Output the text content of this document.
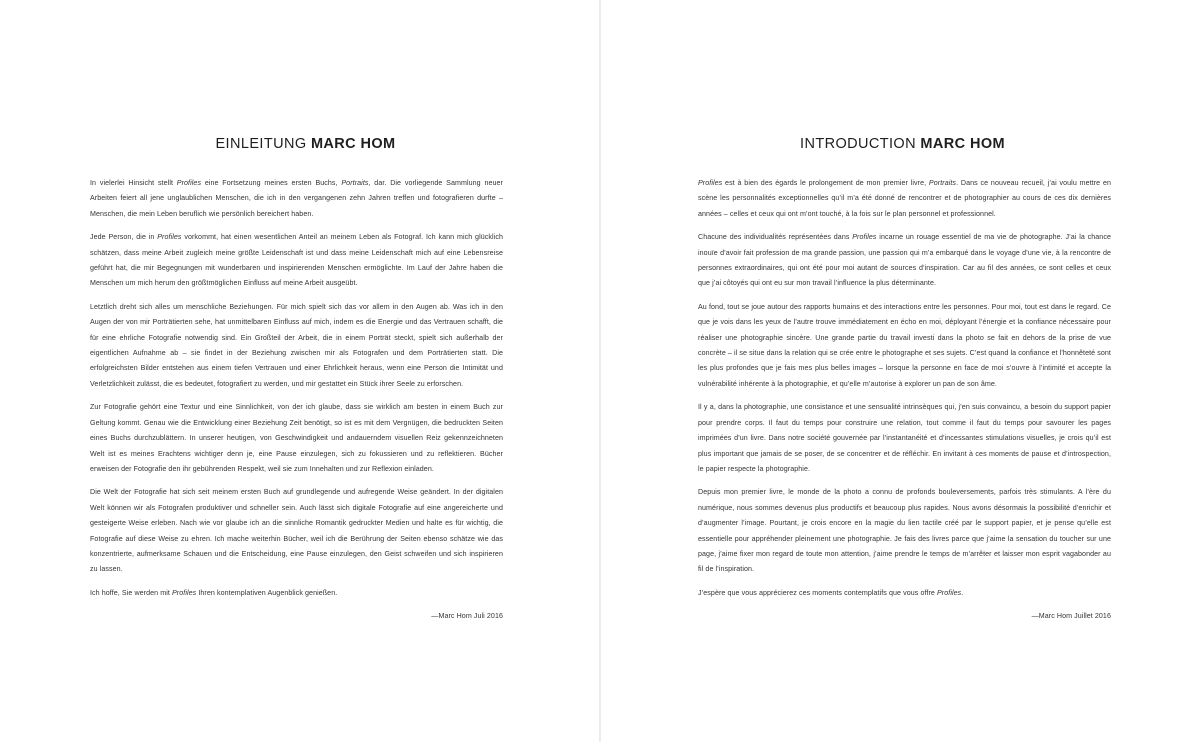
EINLEITUNG MARC HOM

In vielerlei Hinsicht stellt Profiles eine Fortsetzung meines ersten Buchs, Portraits, dar. Die vorliegende Sammlung neuer Arbeiten feiert all jene unglaublichen Menschen, die ich in den vergangenen zehn Jahren treffen und fotografieren durfte – Menschen, die mein Leben beruflich wie persönlich bereichert haben.

Jede Person, die in Profiles vorkommt, hat einen wesentlichen Anteil an meinem Leben als Fotograf. Ich kann mich glücklich schätzen, dass meine Arbeit zugleich meine größte Leidenschaft ist und dass meine Leidenschaft mich auf eine Lebensreise geführt hat, die mir Begegnungen mit wunderbaren und inspirierenden Menschen ermöglichte. Im Lauf der Jahre haben die Menschen um mich herum den größtmöglichen Einfluss auf meine Arbeit ausgeübt.

Letztlich dreht sich alles um menschliche Beziehungen. Für mich spielt sich das vor allem in den Augen ab. Was ich in den Augen der von mir Porträtierten sehe, hat unmittelbaren Einfluss auf mich, indem es die Energie und das Vertrauen schafft, die für eine ehrliche Fotografie notwendig sind. Ein Großteil der Arbeit, die in einem Porträt steckt, spielt sich außerhalb der eigentlichen Aufnahme ab – sie findet in der Beziehung zwischen mir als Fotografen und dem Porträtierten statt. Die erfolgreichsten Bilder entstehen aus einem tiefen Vertrauen und einer Ehrlichkeit heraus, wenn eine Person die Intimität und Verletzlichkeit zulässt, die es bedeutet, fotografiert zu werden, und mir gestattet ein Stück ihrer Seele zu erforschen.

Zur Fotografie gehört eine Textur und eine Sinnlichkeit, von der ich glaube, dass sie wirklich am besten in einem Buch zur Geltung kommt. Genau wie die Entwicklung einer Beziehung Zeit benötigt, so ist es mit dem Vergnügen, die bedruckten Seiten eines Buchs durchzublättern. In unserer heutigen, von Geschwindigkeit und andauerndem visuellen Reiz gekennzeichneten Welt ist es meines Erachtens wichtiger denn je, eine Pause einzulegen, sich zu fokussieren und zu reflektieren. Bücher erweisen der Fotografie den ihr gebührenden Respekt, weil sie zum Innehalten und zur Reflexion einladen.

Die Welt der Fotografie hat sich seit meinem ersten Buch auf grundlegende und aufregende Weise geändert. In der digitalen Welt können wir als Fotografen produktiver und schneller sein. Auch lässt sich digitale Fotografie auf eine angereicherte und gesteigerte Weise erleben. Nach wie vor glaube ich an die sinnliche Romantik gedruckter Medien und halte es für wichtig, die Fotografie auf diese Weise zu ehren. Ich mache weiterhin Bücher, weil ich die Berührung der Seiten ebenso schätze wie das konzentrierte, aufmerksame Schauen und die Entscheidung, eine Pause einzulegen, den Geist schweifen und sich inspirieren zu lassen.

Ich hoffe, Sie werden mit Profiles Ihren kontemplativen Augenblick genießen.

—Marc Hom Juli 2016

INTRODUCTION MARC HOM

Profiles est à bien des égards le prolongement de mon premier livre, Portraits. Dans ce nouveau recueil, j’ai voulu mettre en scène les personnalités exceptionnelles qu’il m’a été donné de rencontrer et de photographier au cours de ces dix dernières années – celles et ceux qui ont m’ont touché, à la fois sur le plan personnel et professionnel.

Chacune des individualités représentées dans Profiles incarne un rouage essentiel de ma vie de photographe. J’ai la chance inouïe d’avoir fait profession de ma grande passion, une passion qui m’a embarqué dans le voyage d’une vie, à la rencontre de personnes extraordinaires, qui ont été pour moi autant de sources d’inspiration. Car au fil des années, ce sont celles et ceux que j’ai côtoyés qui ont eu sur mon travail l’influence la plus déterminante.

Au fond, tout se joue autour des rapports humains et des interactions entre les personnes. Pour moi, tout est dans le regard. Ce que je vois dans les yeux de l’autre trouve immédiatement en écho en moi, déployant l’énergie et la confiance nécessaire pour réaliser une photographie sincère. Une grande partie du travail investi dans la photo se fait en dehors de la prise de vue concrète – il se situe dans la relation qui se crée entre le photographe et ses sujets. C’est quand la confiance et l’honnêteté sont les plus profondes que je fais mes plus belles images – lorsque la personne en face de moi s’ouvre à l’intimité et accepte la vulnérabilité inhérente à la photographie, et qu’elle m’autorise à explorer un pan de son âme.

Il y a, dans la photographie, une consistance et une sensualité intrinsèques qui, j’en suis convaincu, a besoin du support papier pour prendre corps. Il faut du temps pour construire une relation, tout comme il faut du temps pour savourer les pages imprimées d’un livre. Dans notre société gouvernée par l’instantanéité et d’incessantes stimulations visuelles, je crois qu’il est plus important que jamais de se poser, de se concentrer et de réfléchir. En invitant à ces moments de pause et d’introspection, le papier respecte la photographie.

Depuis mon premier livre, le monde de la photo a connu de profonds bouleversements, parfois très stimulants. A l’ère du numérique, nous sommes devenus plus productifs et beaucoup plus rapides. Nous avons désormais la possibilité d’enrichir et d’augmenter l’image. Pourtant, je crois encore en la magie du lien tactile créé par le support papier, et je pense qu’elle est essentielle pour appréhender pleinement une photographie. Je fais des livres parce que j’aime la sensation du toucher sur une page, j’aime fixer mon regard de toute mon attention, j’aime prendre le temps de m’arrêter et laisser mon esprit vagabonder au fil de l’inspiration.

J’espère que vous apprécierez ces moments contemplatifs que vous offre Profiles.

—Marc Hom Juillet 2016
